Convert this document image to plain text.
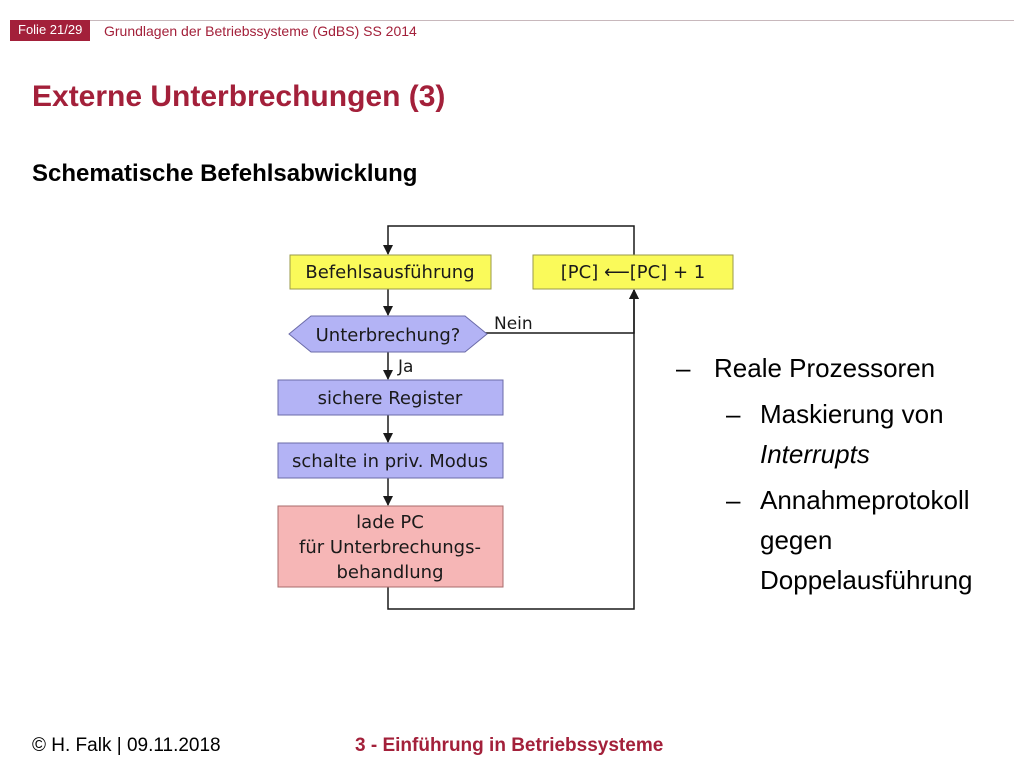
Folie 21/29	Grundlagen der Betriebssysteme (GdBS) SS 2014
Externe Unterbrechungen (3)
Schematische Befehlsabwicklung
Befehlsausführung	[PC] ⟵[PC] + 1
Unterbrechung?
Nein
Ja
sichere Register
schalte in priv. Modus
lade PC
für Unterbrechungs-
behandlung
– Reale Prozessoren
– Maskierung von
Interrupts
– Annahmeprotokoll
gegen
Doppelausführung
© H. Falk | 09.11.2018	3 - Einführung in Betriebssysteme
